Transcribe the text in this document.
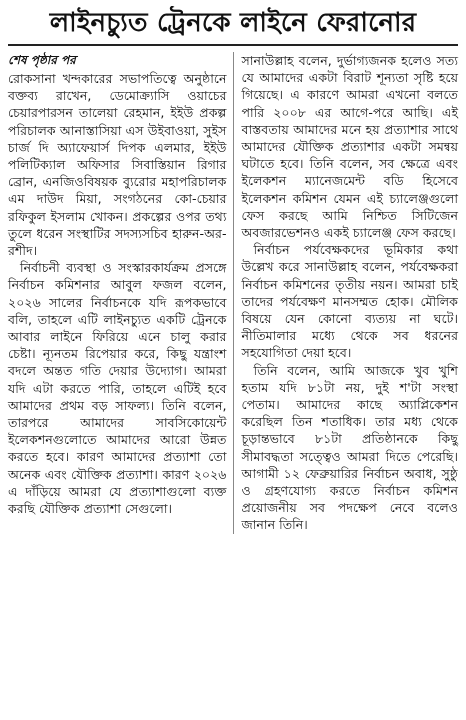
লাইনচ্যুত ট্রেনকে লাইনে ফেরানোর

শেষ পৃষ্ঠার পর

রোকসানা খন্দকারের সভাপতিত্বে অনুষ্ঠানে বক্তব্য রাখেন, ডেমোক্র্যাসি ওয়াচের চেয়ারপারসন তালেয়া রেহমান, ইইউ প্রকল্প পরিচালক আনাস্তাসিয়া এস উইবাওয়া, সুইস চার্জ দি অ্যাফেয়ার্স দিপক এলমার, ইইউ পলিটিক্যাল অফিসার সিবাস্তিয়ান রিগার ব্রোন, এনজিওবিষয়ক ব্যুরোর মহাপরিচালক এম দাউদ মিয়া, সংগঠনের কো-চেয়ার রফিকুল ইসলাম খোকন। প্রকল্পের ওপর তথ্য তুলে ধরেন সংস্থাটির সদস্যসচিব হারুন-অর-রশীদ।

নির্বাচনী ব্যবস্থা ও সংস্কারকার্যক্রম প্রসঙ্গে নির্বাচন কমিশনার আবুল ফজল বলেন, ২০২৬ সালের নির্বাচনকে যদি রূপকভাবে বলি, তাহলে এটি লাইনচ্যুত একটি ট্রেনকে আবার লাইনে ফিরিয়ে এনে চালু করার চেষ্টা। ন্যূনতম রিপেয়ার করে, কিছু যন্ত্রাংশ বদলে অন্তত গতি দেয়ার উদ্যোগ। আমরা যদি এটা করতে পারি, তাহলে এটিই হবে আমাদের প্রথম বড় সাফল্য। তিনি বলেন, তারপরে আমাদের সাবসিকোয়েন্ট ইলেকশনগুলোতে আমাদের আরো উন্নত করতে হবে। কারণ আমাদের প্রত্যাশা তো অনেক এবং যৌক্তিক প্রত্যাশা। কারণ ২০২৬ এ দাঁড়িয়ে আমরা যে প্রত্যাশাগুলো ব্যক্ত করছি যৌক্তিক প্রত্যাশা সেগুলো।

সানাউল্লাহ বলেন, দুর্ভাগ্যজনক হলেও সত্য যে আমাদের একটা বিরাট শূন্যতা সৃষ্টি হয়ে গিয়েছে। এ কারণে আমরা এখনো বলতে পারি ২০০৮ এর আগে-পরে আছি। এই বাস্তবতায় আমাদের মনে হয় প্রত্যাশার সাথে আমাদের যৌক্তিক প্রত্যাশার একটা সমন্বয় ঘটাতে হবে। তিনি বলেন, সব ক্ষেত্রে এবং ইলেকশন ম্যানেজমেন্ট বডি হিসেবে ইলেকশন কমিশন যেমন এই চ্যালেঞ্জগুলো ফেস করছে আমি নিশ্চিত সিটিজেন অবজারভেশনও একই চ্যালেঞ্জ ফেস করছে।

নির্বাচন পর্যবেক্ষকদের ভূমিকার কথা উল্লেখ করে সানাউল্লাহ বলেন, পর্যবেক্ষকরা নির্বাচন কমিশনের তৃতীয় নয়ন। আমরা চাই তাদের পর্যবেক্ষণ মানসম্মত হোক। মৌলিক বিষয়ে যেন কোনো ব্যত্যয় না ঘটে। নীতিমালার মধ্যে থেকে সব ধরনের সহযোগিতা দেয়া হবে।

তিনি বলেন, আমি আজকে খুব খুশি হতাম যদি ৮১টা নয়, দুই শ'টা সংস্থা পেতাম। আমাদের কাছে অ্যাপ্লিকেশন করেছিল তিন শতাধিক। তার মধ্য থেকে চূড়ান্তভাবে ৮১টা প্রতিষ্ঠানকে কিছু সীমাবদ্ধতা সত্ত্বেও আমরা দিতে পেরেছি। আগামী ১২ ফেব্রুয়ারির নির্বাচন অবাধ, সুষ্ঠু ও গ্রহণযোগ্য করতে নির্বাচন কমিশন প্রয়োজনীয় সব পদক্ষেপ নেবে বলেও জানান তিনি।
